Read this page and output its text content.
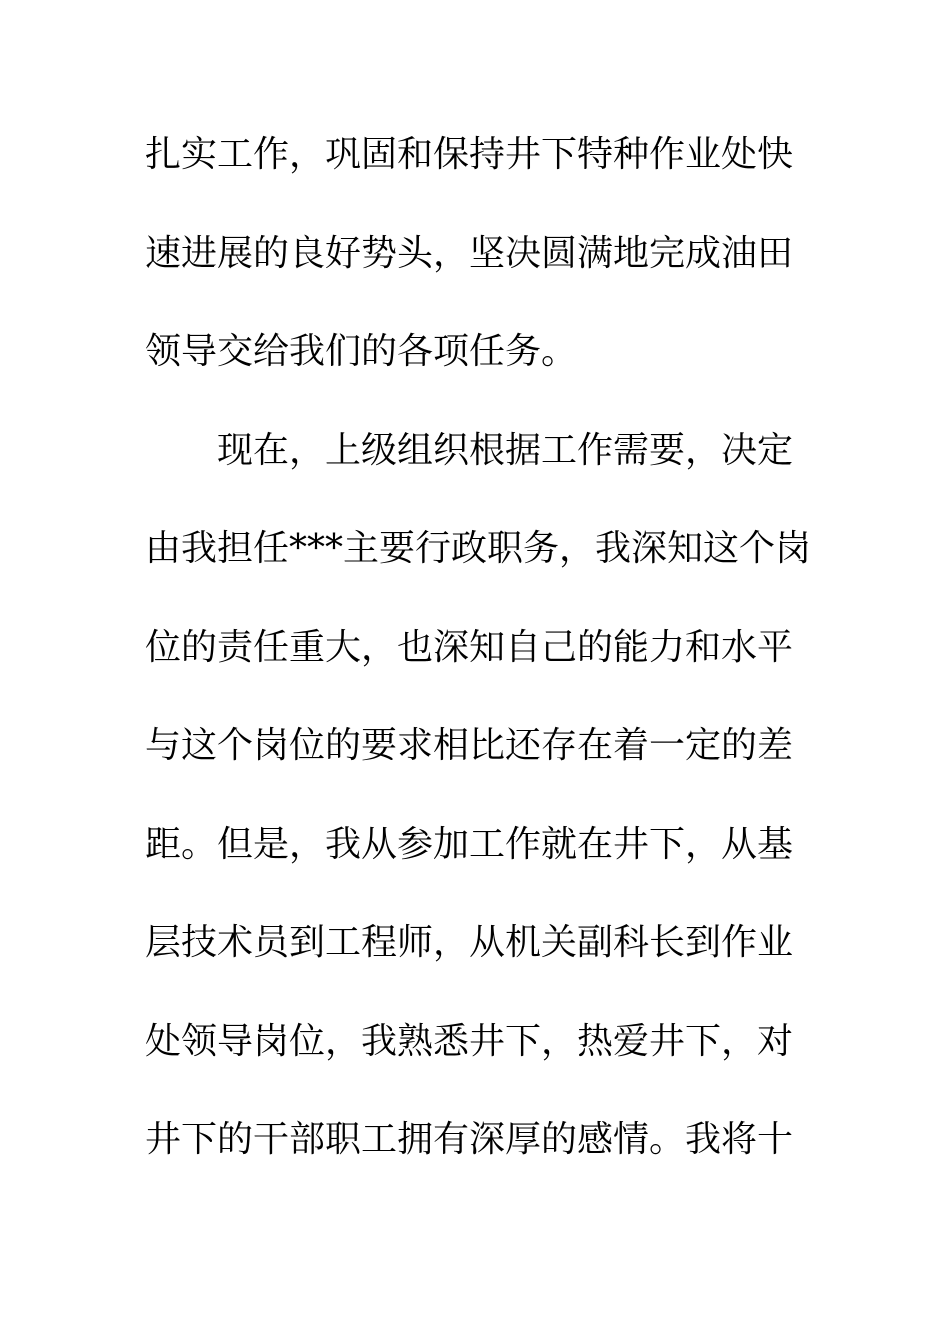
扎实工作，巩固和保持井下特种作业处快
速进展的良好势头，坚决圆满地完成油田
领导交给我们的各项任务。
现在，上级组织根据工作需要，决定
由我担任***主要行政职务，我深知这个岗
位的责任重大，也深知自己的能力和水平
与这个岗位的要求相比还存在着一定的差
距。但是，我从参加工作就在井下，从基
层技术员到工程师，从机关副科长到作业
处领导岗位，我熟悉井下，热爱井下，对
井下的干部职工拥有深厚的感情。我将十
